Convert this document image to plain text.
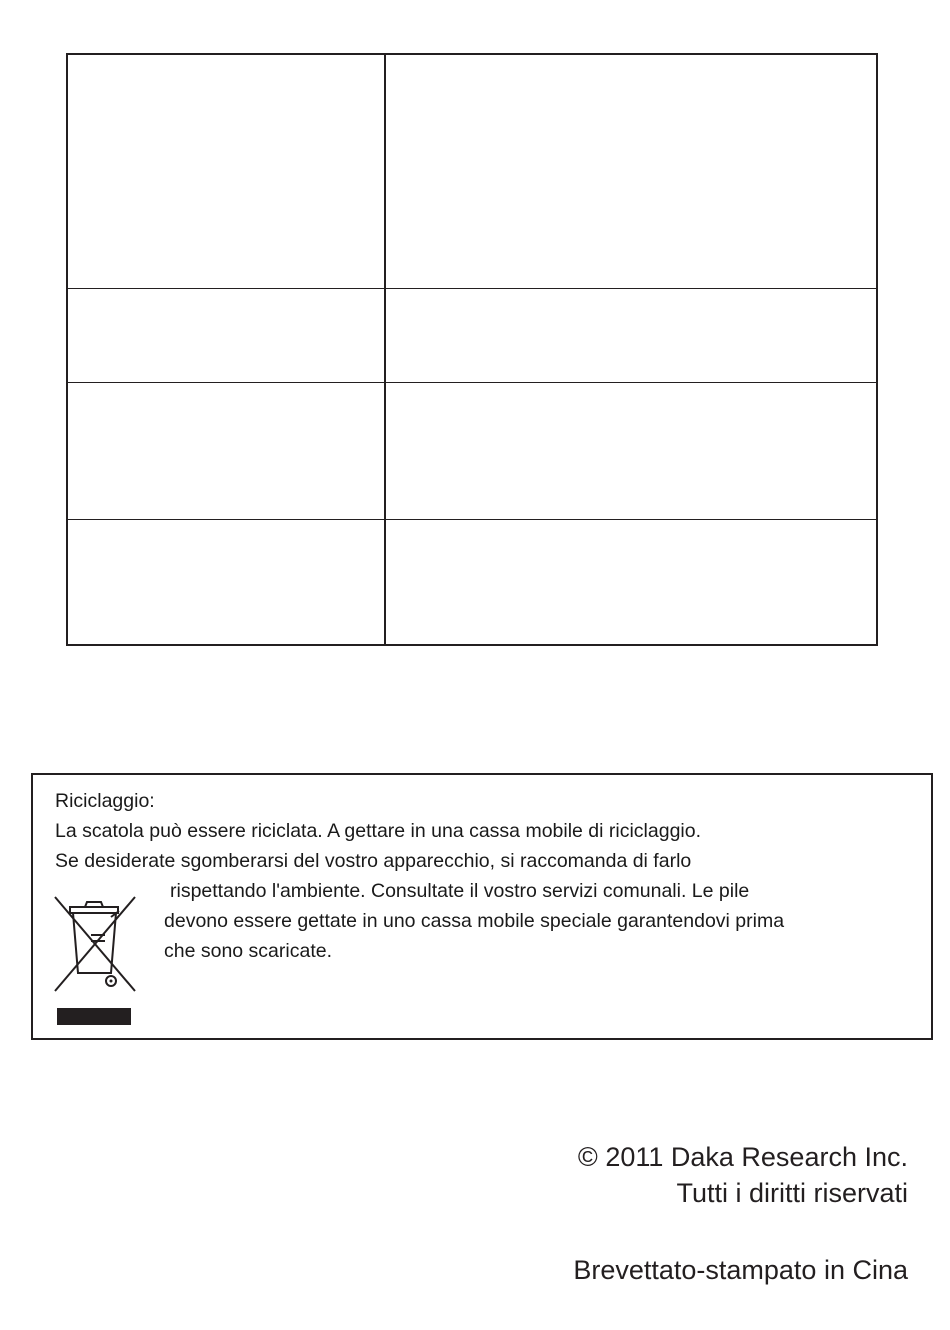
Riciclaggio:
La scatola può essere riciclata. A gettare in una cassa mobile di riciclaggio.
Se desiderate sgomberarsi del vostro apparecchio, si raccomanda di farlo
rispettando l'ambiente. Consultate il vostro servizi comunali. Le pile
devono essere gettate in uno cassa mobile speciale garantendovi prima
che sono scaricate.
© 2011 Daka Research Inc.
Tutti i diritti riservati
Brevettato-stampato in Cina
